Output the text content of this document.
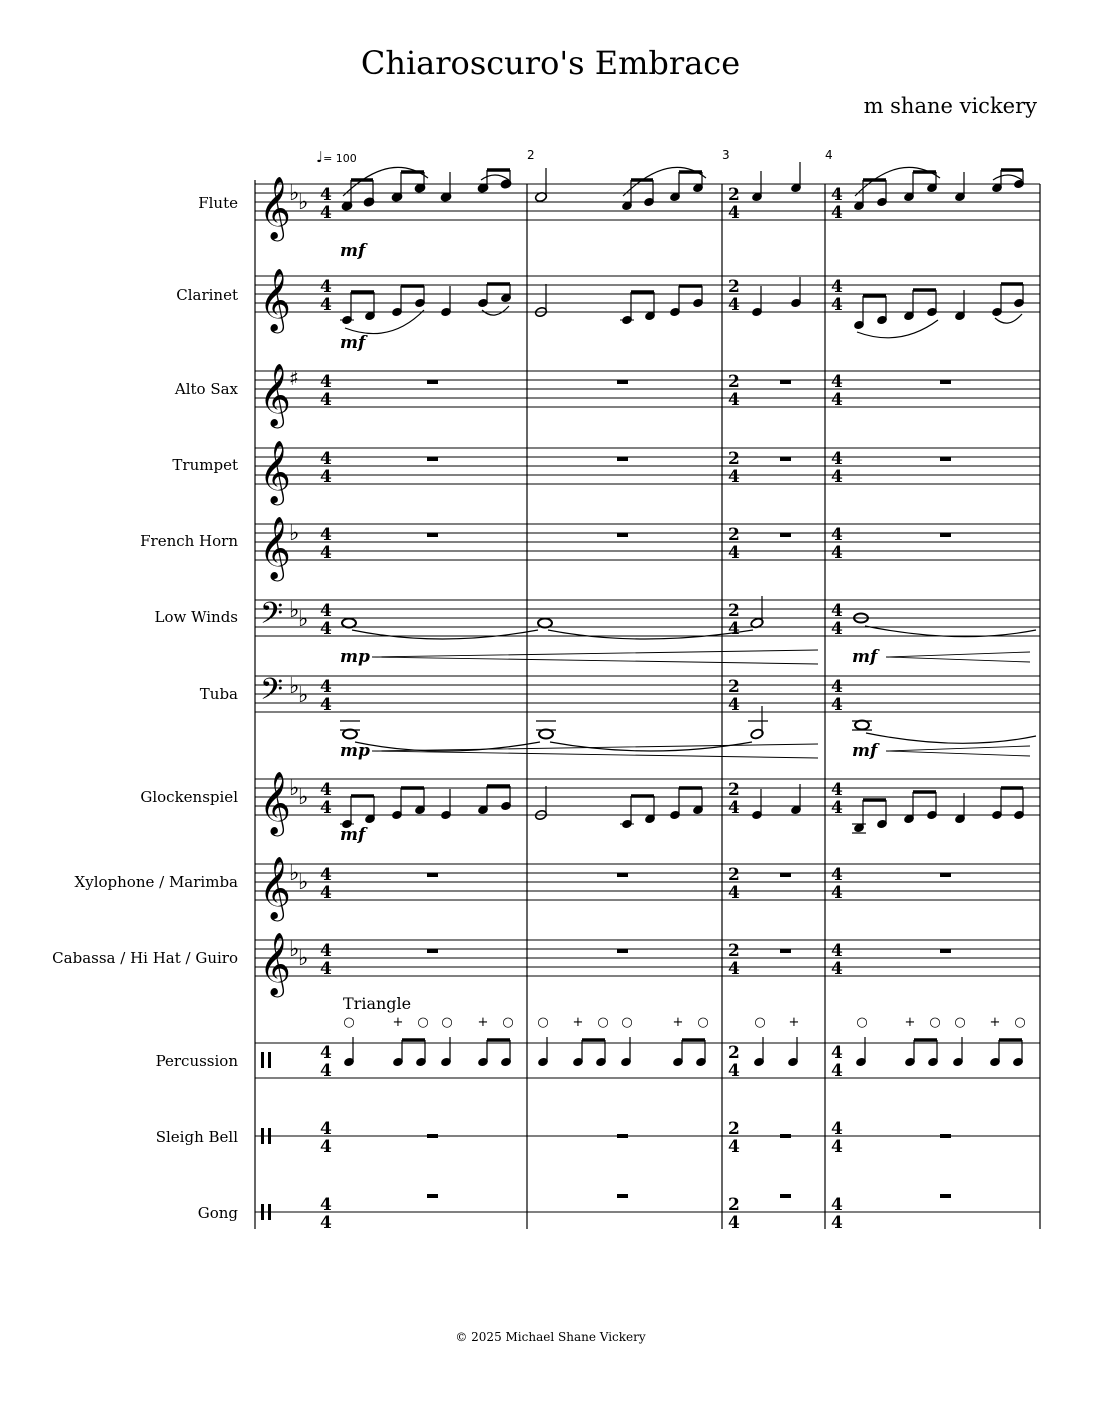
Chiaroscuro's Embrace
m shane vickery
♩= 100	2	3	4
Flute
Clarinet
Alto Sax
Trumpet
French Horn
Low Winds
Tuba
Glockenspiel
Xylophone / Marimba
Cabassa / Hi Hat / Guiro
Percussion
Sleigh Bell
Gong
Triangle
𝄞
♭
♭ 4
4
2
4
4
4
mf
𝄞 4
4
2
4
4
4
mf
𝄞
♯ 4
4
2
4
4
4
𝄞 4
4
2
4
4
4
𝄞
♭ 4
4
2
4
4
4
𝄢 ♭
♭ 4
4
2
4
4
4
mp	mf
𝄢 ♭
♭ 4
4
2
4
4
4
mp	mf
𝄞
♭
♭ 4
4
2
4
4
4
mf
𝄞
♭
♭ 4
4
2
4
4
4
𝄞
♭
♭ 4
4
2
4
4
4
4
4
○	+ ○ ○ + ○ ○ + ○ ○	+ ○	○ +	○	+ ○ ○ + ○
2
4
4
4
4
4
2
4
4
4
4
4
2
4
4
4
© 2025 Michael Shane Vickery
